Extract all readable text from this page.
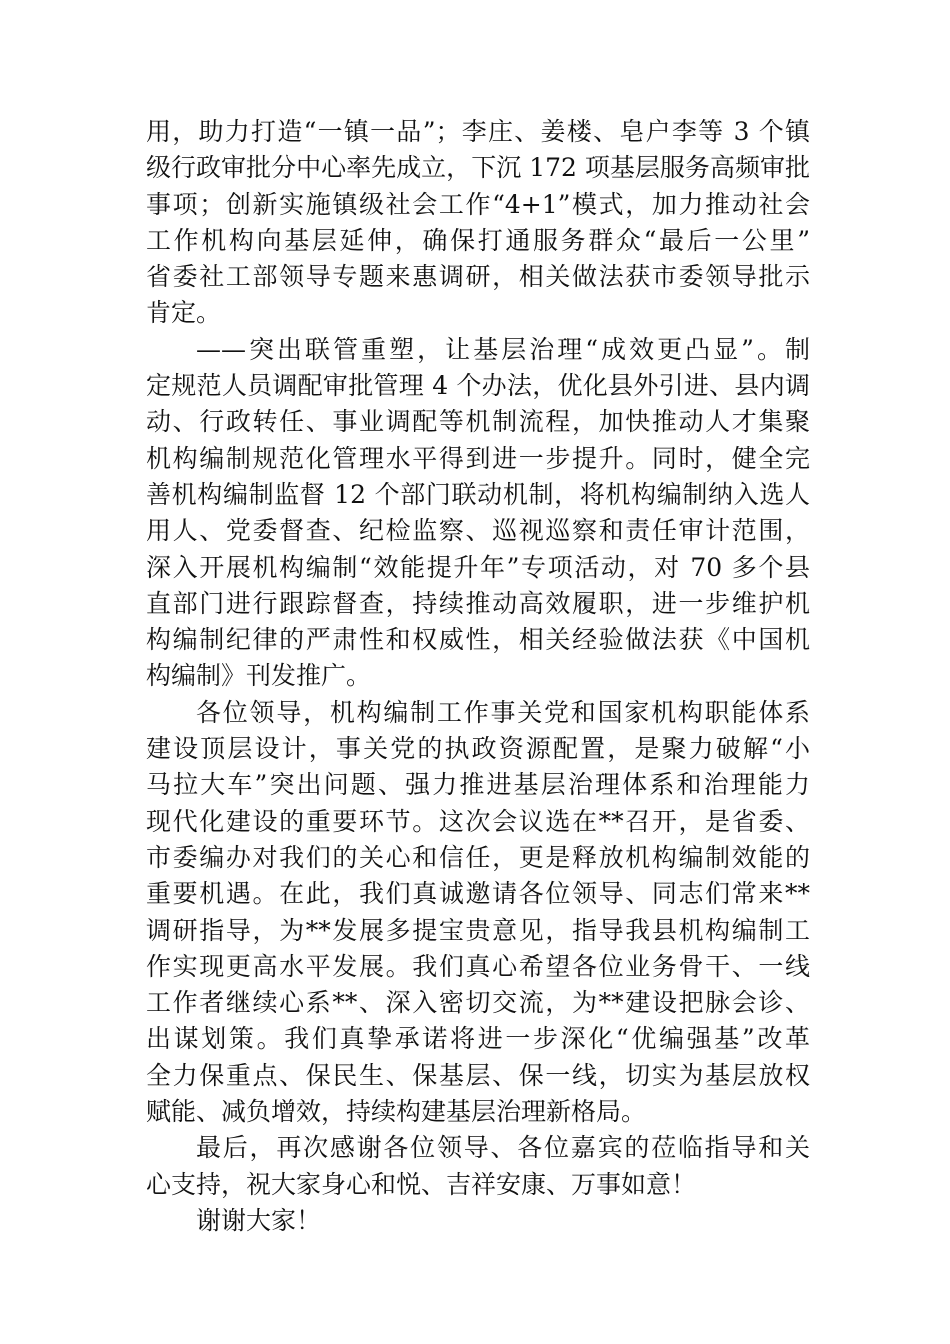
用，助力打造“一镇一品”；李庄、姜楼、皂户李等 3 个镇
级行政审批分中心率先成立，下沉 172 项基层服务高频审批
事项；创新实施镇级社会工作“4+1”模式，加力推动社会
工作机构向基层延伸，确保打通服务群众“最后一公里”
省委社工部领导专题来惠调研，相关做法获市委领导批示
肯定。
——突出联管重塑，让基层治理“成效更凸显”。制
定规范人员调配审批管理 4 个办法，优化县外引进、县内调
动、行政转任、事业调配等机制流程，加快推动人才集聚
机构编制规范化管理水平得到进一步提升。同时，健全完
善机构编制监督 12 个部门联动机制，将机构编制纳入选人
用人、党委督查、纪检监察、巡视巡察和责任审计范围，
深入开展机构编制“效能提升年”专项活动，对 70 多个县
直部门进行跟踪督查，持续推动高效履职，进一步维护机
构编制纪律的严肃性和权威性，相关经验做法获《中国机
构编制》刊发推广。
各位领导，机构编制工作事关党和国家机构职能体系
建设顶层设计，事关党的执政资源配置，是聚力破解“小
马拉大车”突出问题、强力推进基层治理体系和治理能力
现代化建设的重要环节。这次会议选在**召开，是省委、
市委编办对我们的关心和信任，更是释放机构编制效能的
重要机遇。在此，我们真诚邀请各位领导、同志们常来**
调研指导，为**发展多提宝贵意见，指导我县机构编制工
作实现更高水平发展。我们真心希望各位业务骨干、一线
工作者继续心系**、深入密切交流，为**建设把脉会诊、
出谋划策。我们真挚承诺将进一步深化“优编强基”改革
全力保重点、保民生、保基层、保一线，切实为基层放权
赋能、减负增效，持续构建基层治理新格局。
最后，再次感谢各位领导、各位嘉宾的莅临指导和关
心支持，祝大家身心和悦、吉祥安康、万事如意！
谢谢大家！
